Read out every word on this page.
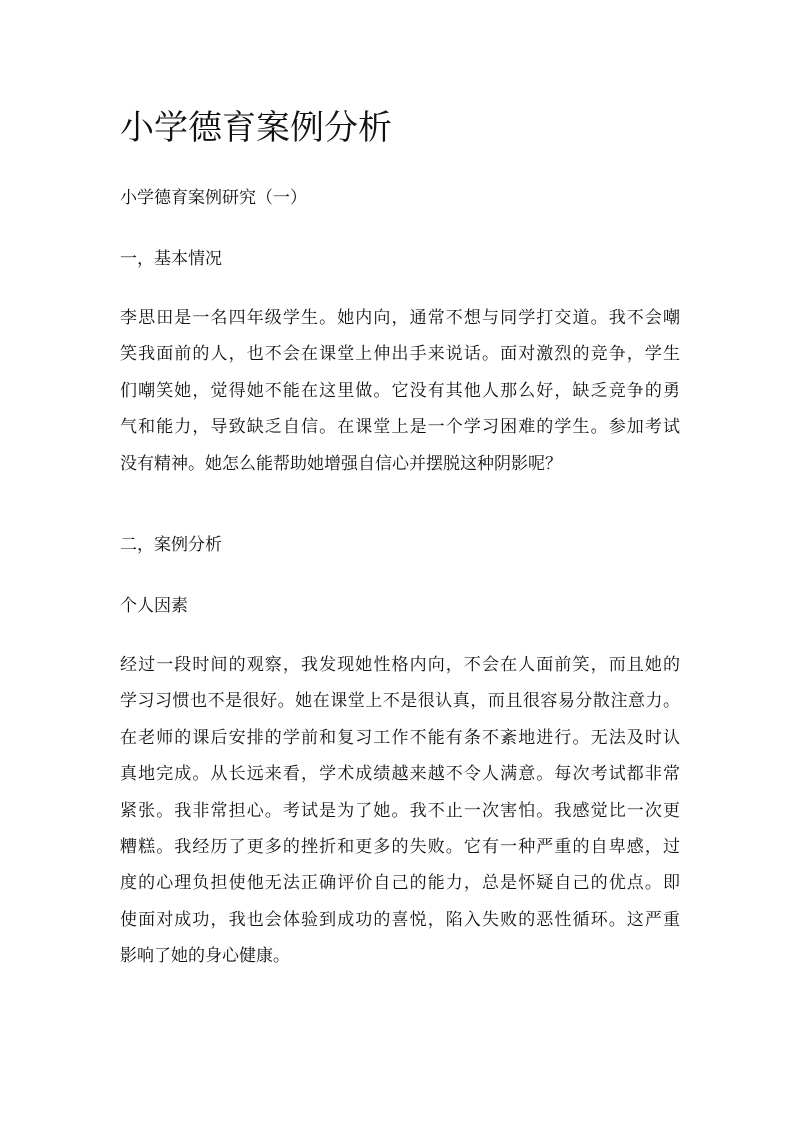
小学德育案例分析
小学德育案例研究（一）
一，基本情况
李思田是一名四年级学生。她内向，通常不想与同学打交道。我不会嘲
笑我面前的人，也不会在课堂上伸出手来说话。面对激烈的竞争，学生
们嘲笑她，觉得她不能在这里做。它没有其他人那么好，缺乏竞争的勇
气和能力，导致缺乏自信。在课堂上是一个学习困难的学生。参加考试
没有精神。她怎么能帮助她增强自信心并摆脱这种阴影呢？
二，案例分析
个人因素
经过一段时间的观察，我发现她性格内向，不会在人面前笑，而且她的
学习习惯也不是很好。她在课堂上不是很认真，而且很容易分散注意力。
在老师的课后安排的学前和复习工作不能有条不紊地进行。无法及时认
真地完成。从长远来看，学术成绩越来越不令人满意。每次考试都非常
紧张。我非常担心。考试是为了她。我不止一次害怕。我感觉比一次更
糟糕。我经历了更多的挫折和更多的失败。它有一种严重的自卑感，过
度的心理负担使他无法正确评价自己的能力，总是怀疑自己的优点。即
使面对成功，我也会体验到成功的喜悦，陷入失败的恶性循环。这严重
影响了她的身心健康。
